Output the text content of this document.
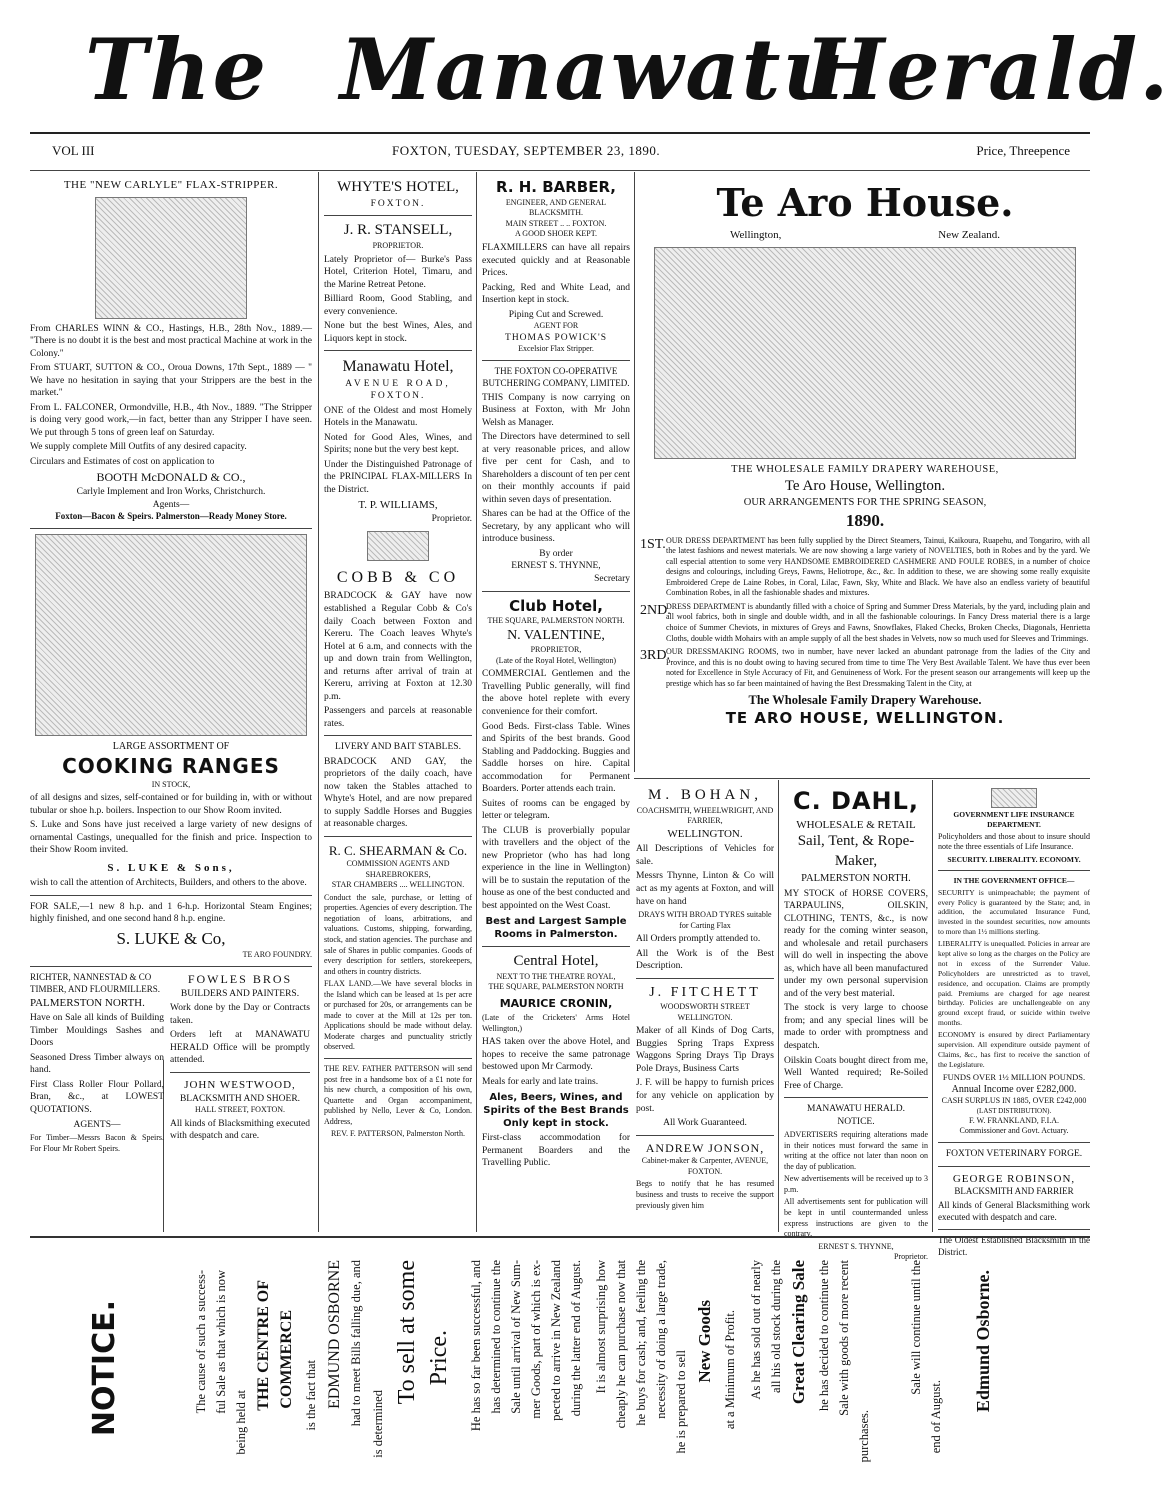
The Manawatu
Herald.
VOL III	FOXTON, TUESDAY, SEPTEMBER 23, 1890.	Price, Threepence
THE "NEW CARLYLE" FLAX-STRIPPER.

From CHARLES WINN & CO., Hastings, H.B., 28th Nov., 1889.— "There is no doubt it is the best and most practical Machine at work in the Colony."

From STUART, SUTTON & CO., Oroua Downs, 17th Sept., 1889 — " We have no hesitation in saying that your Strippers are the best in the market."

From L. FALCONER, Ormondville, H.B., 4th Nov., 1889. "The Stripper is doing very good work,—in fact, better than any Stripper I have seen. We put through 5 tons of green leaf on Saturday.

We supply complete Mill Outfits of any desired capacity.

Circulars and Estimates of cost on application to

BOOTH McDONALD & CO.,
Carlyle Implement and Iron Works, Christchurch.
Agents—
Foxton—Bacon & Speirs. Palmerston—Ready Money Store.
LARGE ASSORTMENT OF
COOKING RANGES
IN STOCK,

of all designs and sizes, self-contained or for building in, with or without tubular or shoe h.p. boilers. Inspection to our Show Room invited.

S. Luke and Sons have just received a large variety of new designs of ornamental Castings, unequalled for the finish and price. Inspection to their Show Room invited.

S. LUKE & Sons,

wish to call the attention of Architects, Builders, and others to the above.

FOR SALE,—1 new 8 h.p. and 1 6-h.p. Horizontal Steam Engines; highly finished, and one second hand 8 h.p. engine.

S. LUKE & Co,
TE ARO FOUNDRY.
RICHTER, NANNESTAD & CO
TIMBER, AND FLOURMILLERS.
PALMERSTON NORTH.

Have on Sale all kinds of Building Timber Mouldings Sashes and Doors

Seasoned Dress Timber always on hand.

First Class Roller Flour Pollard, Bran, &c., at LOWEST QUOTATIONS.

AGENTS—

For Timber—Messrs Bacon & Speirs. For Flour Mr Robert Speirs.

FOWLES BROS
BUILDERS AND PAINTERS.

Work done by the Day or Contracts taken.

Orders left at MANAWATU HERALD Office will be promptly attended.

JOHN WESTWOOD,
BLACKSMITH AND SHOER.
HALL STREET, FOXTON.

All kinds of Blacksmithing executed with despatch and care.

WHYTE'S HOTEL,
FOXTON.
J. R. STANSELL,
PROPRIETOR.

Lately Proprietor of— Burke's Pass Hotel, Criterion Hotel, Timaru, and the Marine Retreat Petone.

Billiard Room, Good Stabling, and every convenience.

None but the best Wines, Ales, and Liquors kept in stock.

Manawatu Hotel,
AVENUE ROAD,
FOXTON.

ONE of the Oldest and most Homely Hotels in the Manawatu.

Noted for Good Ales, Wines, and Spirits; none but the very best kept.

Under the Distinguished Patronage of the PRINCIPAL FLAX-MILLERS In the District.

T. P. WILLIAMS,
Proprietor.
COBB & CO

BRADCOCK & GAY have now established a Regular Cobb & Co's daily Coach between Foxton and Kereru. The Coach leaves Whyte's Hotel at 6 a.m, and connects with the up and down train from Wellington, and returns after arrival of train at Kereru, arriving at Foxton at 12.30 p.m.

Passengers and parcels at reasonable rates.

LIVERY AND BAIT STABLES.

BRADCOCK AND GAY, the proprietors of the daily coach, have now taken the Stables attached to Whyte's Hotel, and are now prepared to supply Saddle Horses and Buggies at reasonable charges.

R. C. SHEARMAN & Co.
COMMISSION AGENTS AND SHAREBROKERS,
STAR CHAMBERS .... WELLINGTON.

Conduct the sale, purchase, or letting of properties. Agencies of every description. The negotiation of loans, arbitrations, and valuations. Customs, shipping, forwarding, stock, and station agencies. The purchase and sale of Shares in public companies. Goods of every description for settlers, storekeepers, and others in country districts.

FLAX LAND.—We have several blocks in the Island which can be leased at 1s per acre or purchased for 20s, or arrangements can be made to cover at the Mill at 12s per ton. Applications should be made without delay. Moderate charges and punctuality strictly observed.

THE REV. FATHER PATTERSON will send post free in a handsome box of a £1 note for his new church, a composition of his own, Quartette and Organ accompaniment, published by Nello, Lever & Co, London. Address,

REV. F. PATTERSON, Palmerston North.
R. H. BARBER,
ENGINEER, AND GENERAL BLACKSMITH.
MAIN STREET .. .. FOXTON.
A GOOD SHOER KEPT.

FLAXMILLERS can have all repairs executed quickly and at Reasonable Prices.

Packing, Red and White Lead, and Insertion kept in stock.

Piping Cut and Screwed.
AGENT FOR
THOMAS POWICK'S
Excelsior Flax Stripper.
THE FOXTON CO-OPERATIVE BUTCHERING COMPANY, LIMITED.

THIS Company is now carrying on Business at Foxton, with Mr John Welsh as Manager.

The Directors have determined to sell at very reasonable prices, and allow five per cent for Cash, and to Shareholders a discount of ten per cent on their monthly accounts if paid within seven days of presentation.

Shares can be had at the Office of the Secretary, by any applicant who will introduce business.

By order
ERNEST S. THYNNE,
Secretary
Club Hotel,
THE SQUARE, PALMERSTON NORTH.
N. VALENTINE,
PROPRIETOR,
(Late of the Royal Hotel, Wellington)

COMMERCIAL Gentlemen and the Travelling Public generally, will find the above hotel replete with every convenience for their comfort.

Good Beds. First-class Table. Wines and Spirits of the best brands. Good Stabling and Paddocking. Buggies and Saddle horses on hire. Capital accommodation for Permanent Boarders. Porter attends each train.

Suites of rooms can be engaged by letter or telegram.

The CLUB is proverbially popular with travellers and the object of the new Proprietor (who has had long experience in the line in Wellington) will be to sustain the reputation of the house as one of the best conducted and best appointed on the West Coast.

Best and Largest Sample Rooms in Palmerston.
Central Hotel,
NEXT TO THE THEATRE ROYAL,
THE SQUARE, PALMERSTON NORTH
MAURICE CRONIN,

(Late of the Cricketers' Arms Hotel Wellington,)

HAS taken over the above Hotel, and hopes to receive the same patronage bestowed upon Mr Carmody.

Meals for early and late trains.

Ales, Beers, Wines, and Spirits of the Best Brands
Only kept in stock.

First-class accommodation for Permanent Boarders and the Travelling Public.

Te Aro House.
Wellington,	New Zealand.
THE WHOLESALE FAMILY DRAPERY WAREHOUSE,
Te Aro House, Wellington.
OUR ARRANGEMENTS FOR THE SPRING SEASON,
1890.
1ST. OUR DRESS DEPARTMENT has been fully supplied by the Direct Steamers, Tainui, Kaikoura, Ruapehu, and Tongariro, with all the latest fashions and newest materials. We are now showing a large variety of NOVELTIES, both in Robes and by the yard. We call especial attention to some very HANDSOME EMBROIDERED CASHMERE AND FOULE ROBES, in a number of choice designs and colourings, including Greys, Fawns, Heliotrope, &c., &c. In addition to these, we are showing some really exquisite Embroidered Crepe de Laine Robes, in Coral, Lilac, Fawn, Sky, White and Black. We have also an endless variety of beautiful Combination Robes, in all the fashionable shades and mixtures.

2ND.

DRESS DEPARTMENT is abundantly filled with a choice of Spring and Summer Dress Materials, by the yard, including plain and all wool fabrics, both in single and double width, and in all the fashionable colourings. In Fancy Dress material there is a large choice of Summer Cheviots, in mixtures of Greys and Fawns, Snowflakes, Flaked Checks, Broken Checks, Diagonals, Henrietta Cloths, double width Mohairs with an ample supply of all the best shades in Velvets, now so much used for Sleeves and Trimmings.

3RD.

OUR DRESSMAKING ROOMS, two in number, have never lacked an abundant patronage from the ladies of the City and Province, and this is no doubt owing to having secured from time to time The Very Best Available Talent. We have thus ever been noted for Excellence in Style Accuracy of Fit, and Genuineness of Work. For the present season our arrangements will keep up the prestige which has so far been maintained of having the Best Dressmaking Talent in the City, at

The Wholesale Family Drapery Warehouse.
TE ARO HOUSE, WELLINGTON.
M. BOHAN,
COACHSMITH, WHEELWRIGHT, AND FARRIER,
WELLINGTON.

All Descriptions of Vehicles for sale.

Messrs Thynne, Linton & Co will act as my agents at Foxton, and will have on hand

DRAYS WITH BROAD TYRES suitable for Carting Flax

All Orders promptly attended to.

All the Work is of the Best Description.

J. FITCHETT
WOODSWORTH STREET WELLINGTON.

Maker of all Kinds of Dog Carts, Buggies Spring Traps Express Waggons Spring Drays Tip Drays Pole Drays, Business Carts

J. F. will be happy to furnish prices for any vehicle on application by post.

All Work Guaranteed.
ANDREW JONSON,
Cabinet-maker & Carpenter, AVENUE, FOXTON.

Begs to notify that he has resumed business and trusts to receive the support previously given him

C. DAHL,
WHOLESALE & RETAIL
Sail, Tent, & Rope-Maker,
PALMERSTON NORTH.

MY STOCK of HORSE COVERS, TARPAULINS, OILSKIN, CLOTHING, TENTS, &c., is now ready for the coming winter season, and wholesale and retail purchasers will do well in inspecting the above as, which have all been manufactured under my own personal supervision and of the very best material.

The stock is very large to choose from; and any special lines will be made to order with promptness and despatch.

Oilskin Coats bought direct from me, Well Wanted required; Re-Soiled Free of Charge.

MANAWATU HERALD.
NOTICE.

ADVERTISERS requiring alterations made in their notices must forward the same in writing at the office not later than noon on the day of publication.

New advertisements will be received up to 3 p.m.

All advertisements sent for publication will be kept in until countermanded unless express instructions are given to the contrary.

ERNEST S. THYNNE,
Proprietor.
GOVERNMENT LIFE INSURANCE DEPARTMENT.

Policyholders and those about to insure should note the three essentials of Life Insurance.

SECURITY. LIBERALITY. ECONOMY.
IN THE GOVERNMENT OFFICE—

SECURITY is unimpeachable; the payment of every Policy is guaranteed by the State; and, in addition, the accumulated Insurance Fund, invested in the soundest securities, now amounts to more than 1½ millions sterling.

LIBERALITY is unequalled. Policies in arrear are kept alive so long as the charges on the Policy are not in excess of the Surrender Value. Policyholders are unrestricted as to travel, residence, and occupation. Claims are promptly paid. Premiums are charged for age nearest birthday. Policies are unchallengeable on any ground except fraud, or suicide within twelve months.

ECONOMY is ensured by direct Parliamentary supervision. All expenditure outside payment of Claims, &c., has first to receive the sanction of the Legislature.

FUNDS OVER 1½ MILLION POUNDS.
Annual Income over £282,000.
CASH SURPLUS IN 1885, OVER £242,000
(LAST DISTRIBUTION).
F. W. FRANKLAND, F.I.A.
Commissioner and Govt. Actuary.
FOXTON VETERINARY FORGE.
GEORGE ROBINSON,
BLACKSMITH AND FARRIER

All kinds of General Blacksmithing work executed with despatch and care.

The Oldest Established Blacksmith in the District.

NOTICE.	The cause of such a success- ful Sale as that which is now
being held at
THE CENTRE OF COMMERCE is the fact that EDMUND OSBORNE had to meet Bills falling due, and is determined
To sell at some Price. He has so far been successful, and has determined to continue the Sale until arrival of New Sum- mer Goods, part of which is ex- pected to arrive in New Zealand during the latter end of August. It is almost surprising how cheaply he can purchase now that he buys for cash; and, feeling the necessity of doing a large trade, he is prepared to sell
New Goods at a Minimum of Profit. As he has sold out of nearly all his old stock during the Great Clearing Sale he has decided to continue the Sale with goods of more recent
purchases.
Sale will continue until the
end of August.
Edmund Osborne.
